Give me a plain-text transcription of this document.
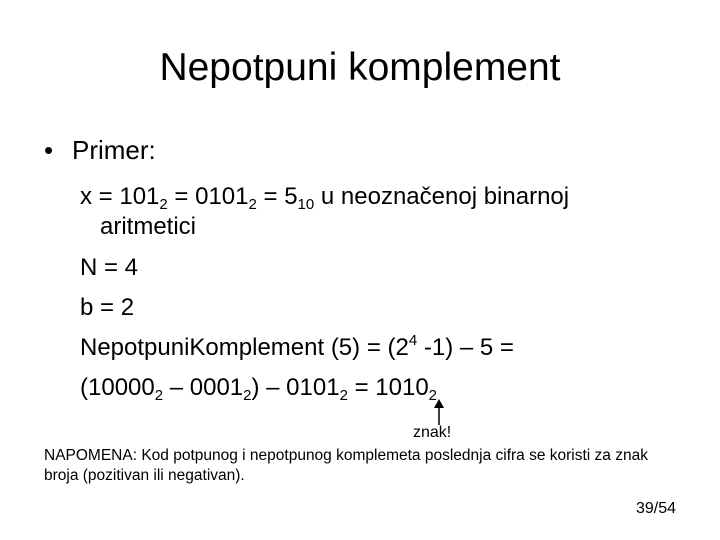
Nepotpuni komplement
• Primer:
$x = 101_2 = 0101_2 = 5_{10}$ u neoznačenoj binarnoj
aritmetici
N = 4
b = 2
NepotpuniKomplement $(5) = (2^4$ -1) – 5 =
$(10000_2 - 0001_2) - 0101_2 = 1010_2$
znak!
NAPOMENA: Kod potpunog i nepotpunog komplemeta poslednja cifra se koristi za znak broja (pozitivan ili negativan).
39/54
